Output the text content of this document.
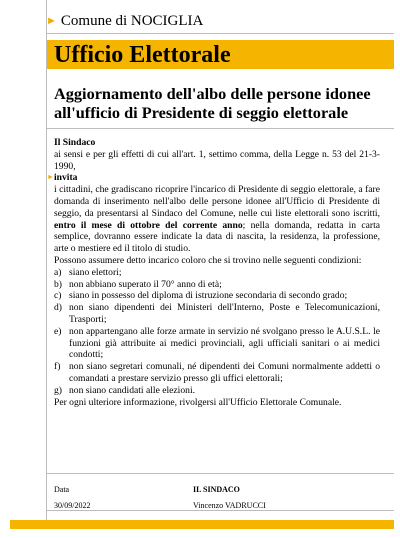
► Comune di NOCIGLIA
Ufficio Elettorale
Aggiornamento dell'albo delle persone idonee all'ufficio di Presidente di seggio elettorale

Il Sindaco

ai sensi e per gli effetti di cui all'art. 1, settimo comma, della Legge n. 53 del 21-3-1990,

► invita

i cittadini, che gradiscano ricoprire l'incarico di Presidente di seggio elettorale, a fare domanda di inserimento nell'albo delle persone idonee all'Ufficio di Presidente di seggio, da presentarsi al Sindaco del Comune, nelle cui liste elettorali sono iscritti, entro il mese di ottobre del corrente anno; nella domanda, redatta in carta semplice, dovranno essere indicate la data di nascita, la residenza, la professione, arte o mestiere ed il titolo di studio.

Possono assumere detto incarico coloro che si trovino nelle seguenti condizioni:

a) siano elettori;
b) non abbiano superato il 70° anno di età;
c) siano in possesso del diploma di istruzione secondaria di secondo grado;
d) non siano dipendenti dei Ministeri dell'Interno, Poste e Telecomunicazioni, Trasporti;
e) non appartengano alle forze armate in servizio né svolgano presso le A.U.S.L. le funzioni già attribuite ai medici provinciali, agli ufficiali sanitari o ai medici condotti;
f) non siano segretari comunali, né dipendenti dei Comuni normalmente addetti o comandati a prestare servizio presso gli uffici elettorali;
g) non siano candidati alle elezioni.

Per ogni ulteriore informazione, rivolgersi all'Ufficio Elettorale Comunale.

Data
30/09/2022
IL SINDACO
Vincenzo VADRUCCI
